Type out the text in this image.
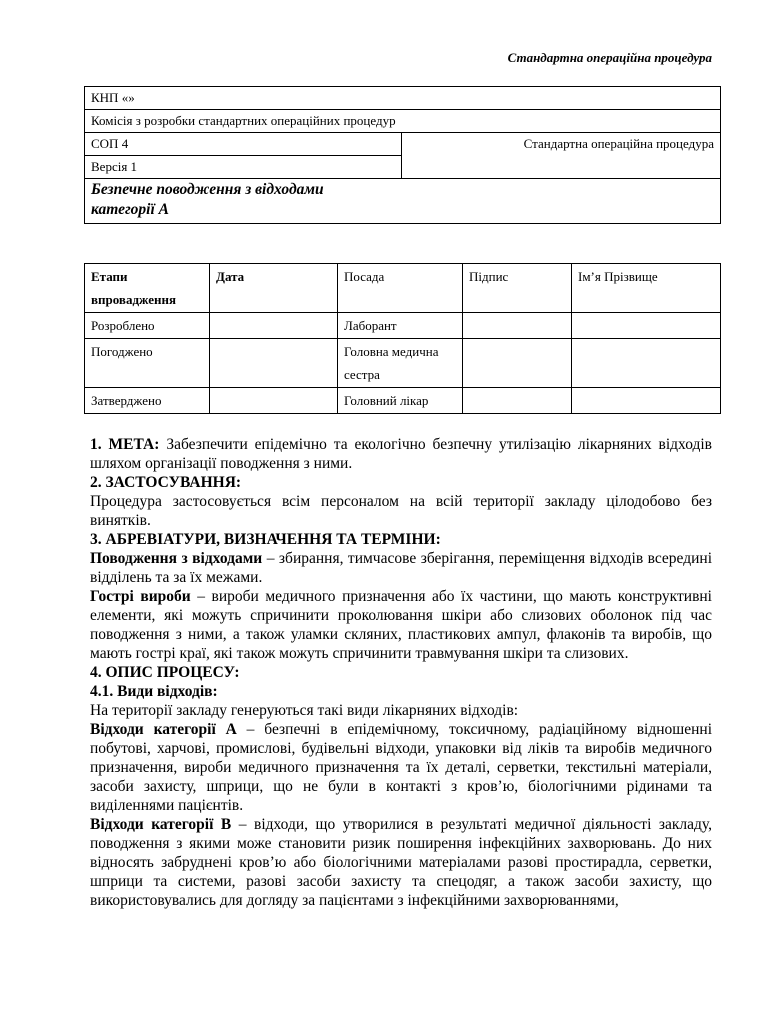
Стандартна операційна процедура
КНП «»
Комісія з розробки стандартних операційних процедур
СОП 4	Стандартна операційна процедура
Версія 1

Безпечне поводження з відходами категорії А
Етапи впровадження	Дата	Посада	Підпис	Ім’я Прізвище
Розроблено		Лаборант		
Погоджено		Головна медична сестра		
Затверджено		Головний лікар		

1. МЕТА: Забезпечити епідемічно та екологічно безпечну утилізацію лікарняних відходів шляхом організації поводження з ними.

2. ЗАСТОСУВАННЯ:

Процедура застосовується всім персоналом на всій території закладу цілодобово без винятків.

3. АБРЕВІАТУРИ, ВИЗНАЧЕННЯ ТА ТЕРМІНИ:

Поводження з відходами – збирання, тимчасове зберігання, переміщення відходів всередині відділень та за їх межами.

Гострі вироби – вироби медичного призначення або їх частини, що мають конструктивні елементи, які можуть спричинити проколювання шкіри або слизових оболонок під час поводження з ними, а також уламки скляних, пластикових ампул, флаконів та виробів, що мають гострі краї, які також можуть спричинити травмування шкіри та слизових.

4. ОПИС ПРОЦЕСУ:
4.1. Види відходів:

На території закладу генеруються такі види лікарняних відходів:

Відходи категорії А – безпечні в епідемічному, токсичному, радіаційному відношенні побутові, харчові, промислові, будівельні відходи, упаковки від ліків та виробів медичного призначення, вироби медичного призначення та їх деталі, серветки, текстильні матеріали, засоби захисту, шприци, що не були в контакті з кров’ю, біологічними рідинами та виділеннями пацієнтів.

Відходи категорії В – відходи, що утворилися в результаті медичної діяльності закладу, поводження з якими може становити ризик поширення інфекційних захворювань. До них відносять забруднені кров’ю або біологічними матеріалами разові простирадла, серветки, шприци та системи, разові засоби захисту та спецодяг, а також засоби захисту, що використовувались для догляду за пацієнтами з інфекційними захворюваннями,
